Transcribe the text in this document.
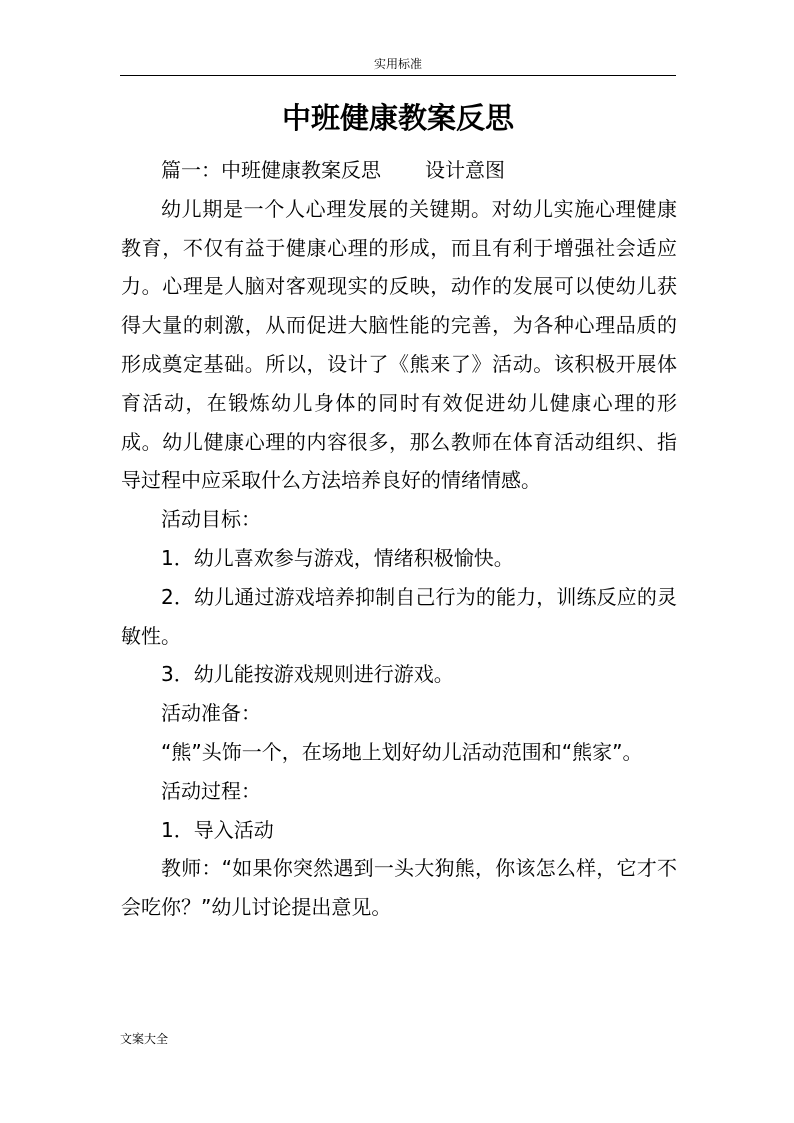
实用标准
中班健康教案反思

篇一：中班健康教案反思 设计意图

幼儿期是一个人心理发展的关键期。对幼儿实施心理健康教育，不仅有益于健康心理的形成，而且有利于增强社会适应力。心理是人脑对客观现实的反映，动作的发展可以使幼儿获得大量的刺激，从而促进大脑性能的完善，为各种心理品质的形成奠定基础。所以，设计了《熊来了》活动。该积极开展体育活动，在锻炼幼儿身体的同时有效促进幼儿健康心理的形成。幼儿健康心理的内容很多，那么教师在体育活动组织、指导过程中应采取什么方法培养良好的情绪情感。

活动目标：

1．幼儿喜欢参与游戏，情绪积极愉快。

2．幼儿通过游戏培养抑制自己行为的能力，训练反应的灵敏性。

3．幼儿能按游戏规则进行游戏。

活动准备：

“熊”头饰一个，在场地上划好幼儿活动范围和“熊家”。

活动过程：

1．导入活动

教师：“如果你突然遇到一头大狗熊，你该怎么样，它才不会吃你？”幼儿讨论提出意见。

文案大全
